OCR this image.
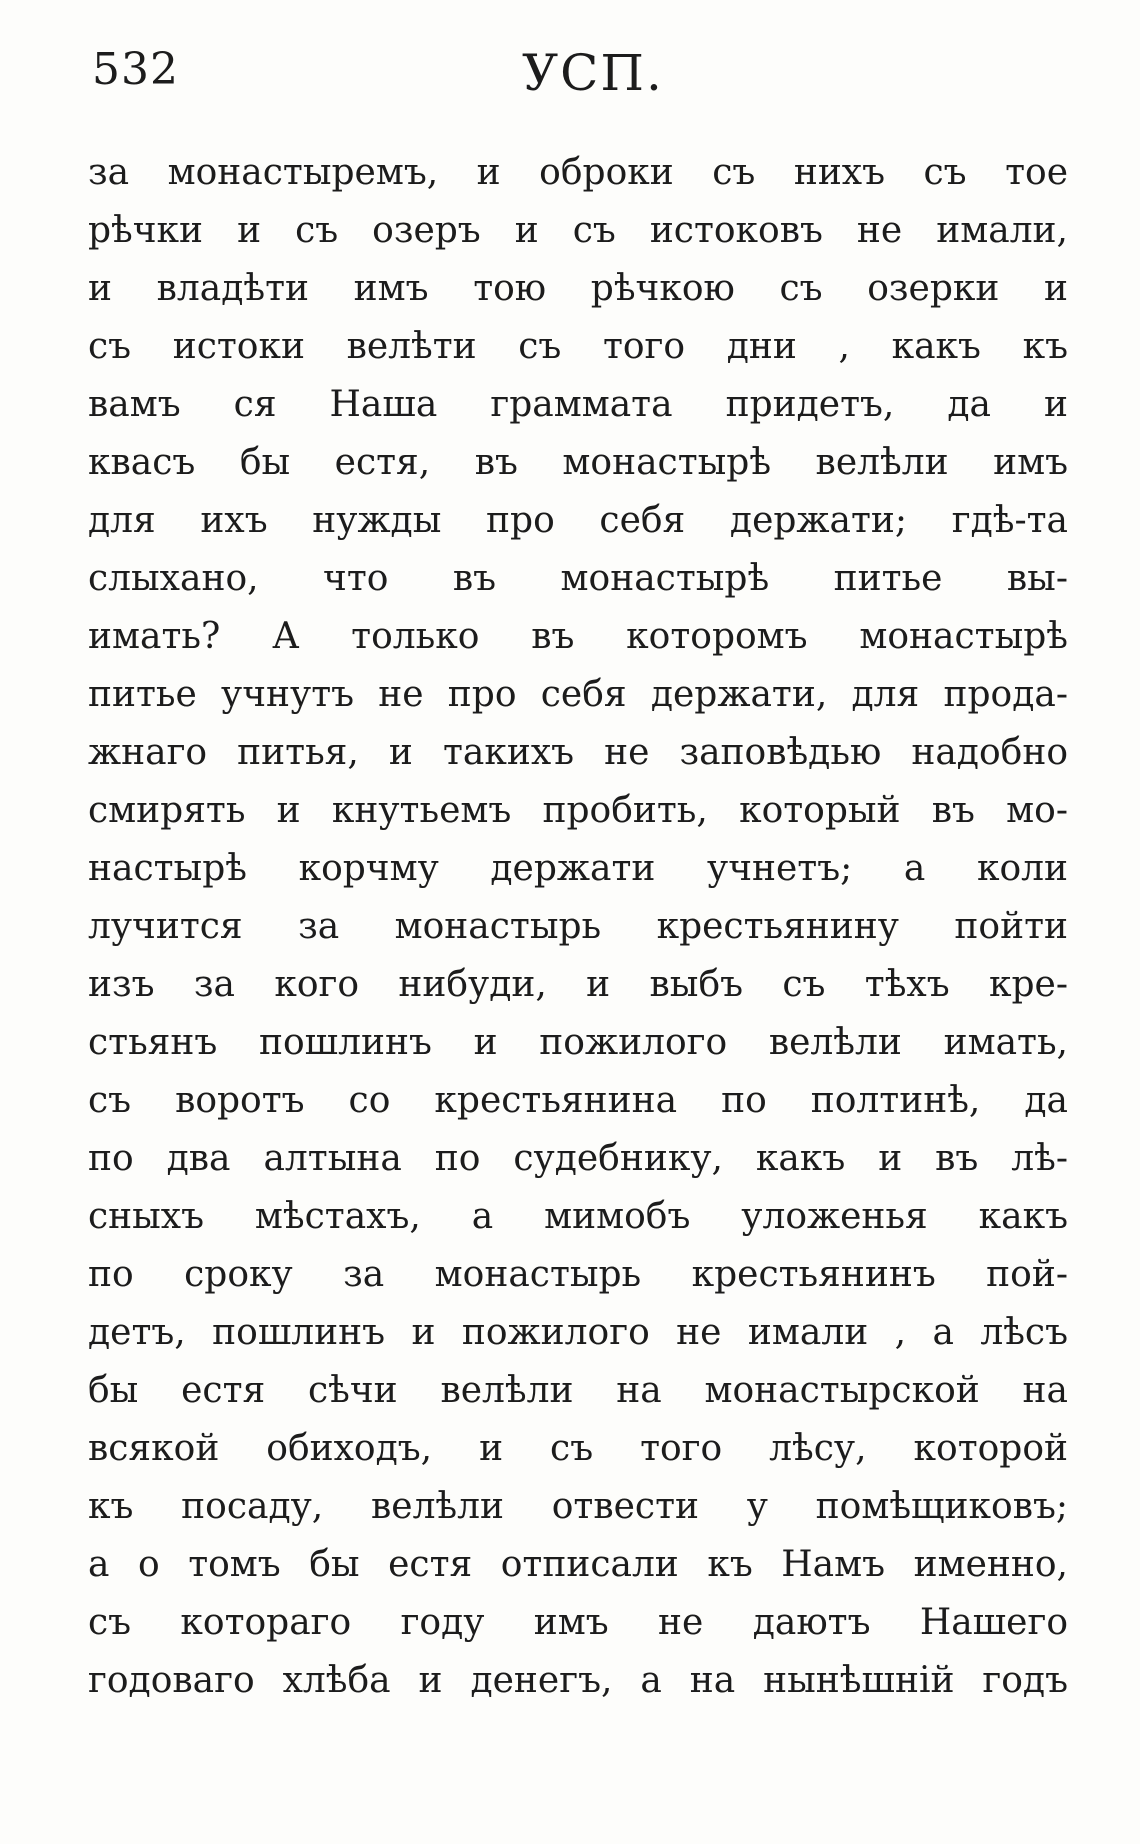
532	УСП.
за монастыремъ, и оброки съ нихъ съ тое
рѣчки и съ озеръ и съ истоковъ не имали,
и владѣти имъ тою рѣчкою съ озерки и
съ истоки велѣти съ того дни , какъ къ
вамъ ся Наша граммата придетъ, да и
квасъ бы естя, въ монастырѣ велѣли имъ
для ихъ нужды про себя держати; гдѣ-та
слыхано, что въ монастырѣ питье вы-
имать? А только въ которомъ монастырѣ
питье учнутъ не про себя держати, для прода-
жнаго питья, и такихъ не заповѣдью надобно
смирять и кнутьемъ пробить, который въ мо-
настырѣ корчму держати учнетъ; а коли
лучится за монастырь крестьянину пойти
изъ за кого нибуди, и выбъ съ тѣхъ кре-
стьянъ пошлинъ и пожилого велѣли имать,
съ воротъ со крестьянина по полтинѣ, да
по два алтына по судебнику, какъ и въ лѣ-
сныхъ мѣстахъ, а мимобъ уложенья какъ
по сроку за монастырь крестьянинъ пой-
детъ, пошлинъ и пожилого не имали , а лѣсъ
бы естя сѣчи велѣли на монастырской на
всякой обиходъ, и съ того лѣсу, которой
къ посаду, велѣли отвести у помѣщиковъ;
а о томъ бы естя отписали къ Намъ именно,
съ котораго году имъ не даютъ Нашего
годоваго хлѣба и денегъ, а на нынѣшній годъ
